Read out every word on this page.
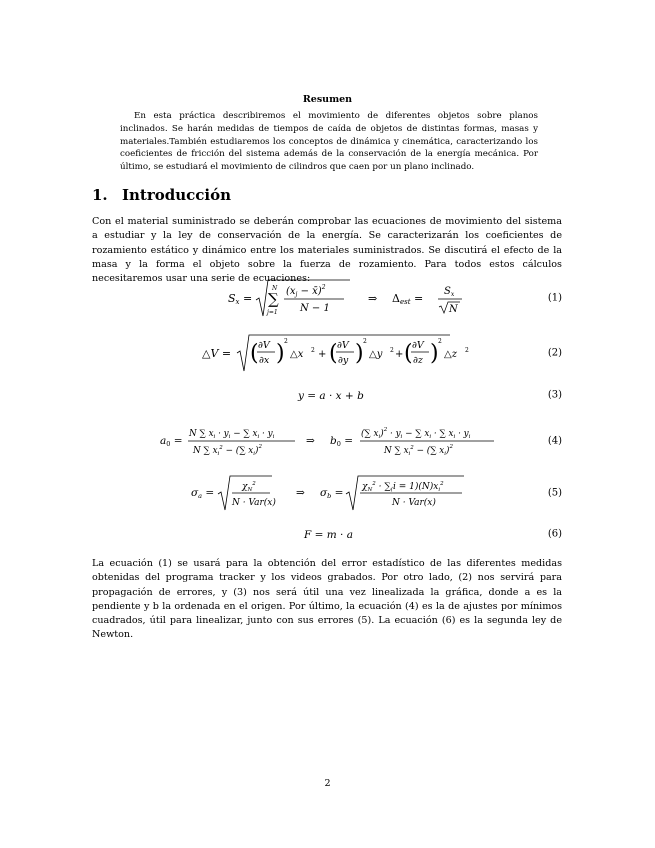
Resumen
En esta práctica describiremos el movimiento de diferentes objetos sobre planos inclinados. Se harán medidas de tiempos de caída de objetos de distintas formas, masas y materiales.También estudiaremos los conceptos de dinámica y cinemática, caracterizando los coeficientes de fricción del sistema además de la conservación de la energía mecánica. Por último, se estudiará el movimiento de cilindros que caen por un plano inclinado.
1. Introducción
Con el material suministrado se deberán comprobar las ecuaciones de movimiento del sistema a estudiar y la ley de conservación de la energía. Se caracterizarán los coeficientes de rozamiento estático y dinámico entre los materiales suministrados. Se discutirá el efecto de la masa y la forma el objeto sobre la fuerza de rozamiento. Para todos estos cálculos necesitaremos usar una serie de ecuaciones:
Sx =
N
∑
j=1
($x_j$ − x̄)$^2$
N − 1
⇒ Δest =
$S_x$
N
(1)
△V = ( ∂V
∂x ) 2
△x 2 + ( ∂V
∂y ) 2
△y 2 + ( ∂V
∂z ) 2
△z 2	(2)
y = a · x + b	(3)
a0 =
N ∑ $x_i \cdot y_i$ − ∑ $x_i \cdot y_i$
N ∑ $x_i^2$ − (∑ $x_i)^2$	⇒ b0 =
(∑ $x_i)^2 \cdot y_i$ − ∑ $x_i$ · ∑ $x_i \cdot y_i$
N ∑ $x_i^2$ − (∑ $x_i)^2$
(4)
σa =	$\chi_N^2$
N · Var(x)
⇒ $\sigma b = \chi_N^2 \cdot \sum_(i = 1)(N)x_i^2$
N · Var(x)
(5)
F = m · a	(6)
La ecuación (1) se usará para la obtención del error estadístico de las diferentes medidas obtenidas del programa tracker y los videos grabados. Por otro lado, (2) nos servirá para propagación de errores, y (3) nos será útil una vez linealizada la gráfica, donde a es la pendiente y b la ordenada en el origen. Por último, la ecuación (4) es la de ajustes por mínimos cuadrados, útil para linealizar, junto con sus errores (5). La ecuación (6) es la segunda ley de Newton.
2
